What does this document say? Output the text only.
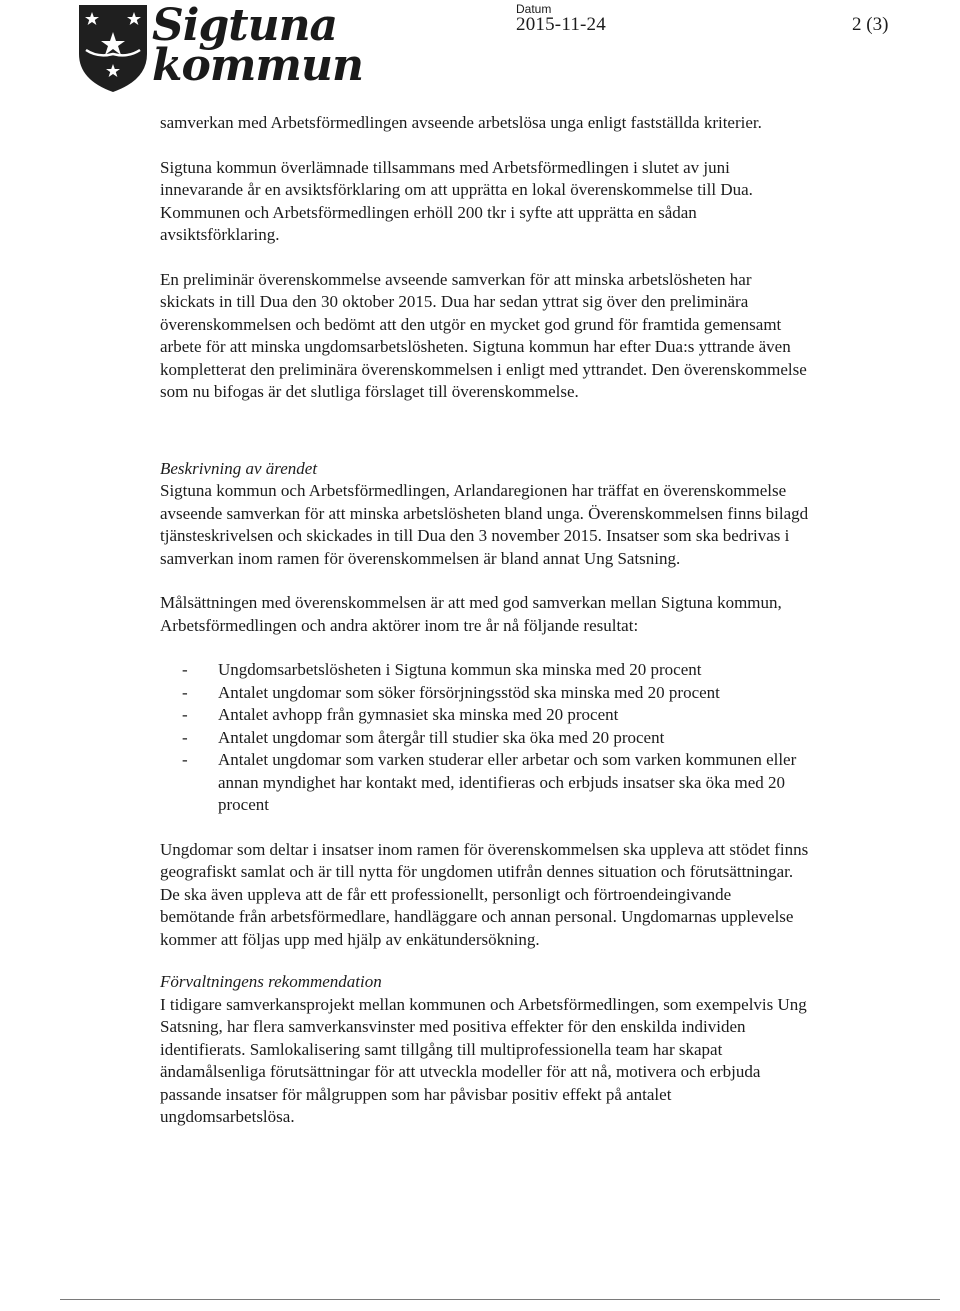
Sigtuna
kommun
Datum
2015-11-24	2 (3)

samverkan med Arbetsförmedlingen avseende arbetslösa unga enligt fastställda kriterier.

Sigtuna kommun överlämnade tillsammans med Arbetsförmedlingen i slutet av juni innevarande år en avsiktsförklaring om att upprätta en lokal överenskommelse till Dua. Kommunen och Arbetsförmedlingen erhöll 200 tkr i syfte att upprätta en sådan avsiktsförklaring.

En preliminär överenskommelse avseende samverkan för att minska arbetslösheten har skickats in till Dua den 30 oktober 2015. Dua har sedan yttrat sig över den preliminära överenskommelsen och bedömt att den utgör en mycket god grund för framtida gemensamt arbete för att minska ungdomsarbetslösheten. Sigtuna kommun har efter Dua:s yttrande även kompletterat den preliminära överenskommelsen i enligt med yttrandet. Den överenskommelse som nu bifogas är det slutliga förslaget till överenskommelse.

Beskrivning av ärendet

Sigtuna kommun och Arbetsförmedlingen, Arlandaregionen har träffat en överenskommelse avseende samverkan för att minska arbetslösheten bland unga. Överenskommelsen finns bilagd tjänsteskrivelsen och skickades in till Dua den 3 november 2015. Insatser som ska bedrivas i samverkan inom ramen för överenskommelsen är bland annat Ung Satsning.

Målsättningen med överenskommelsen är att med god samverkan mellan Sigtuna kommun, Arbetsförmedlingen och andra aktörer inom tre år nå följande resultat:

- Ungdomsarbetslösheten i Sigtuna kommun ska minska med 20 procent
- Antalet ungdomar som söker försörjningsstöd ska minska med 20 procent
- Antalet avhopp från gymnasiet ska minska med 20 procent
- Antalet ungdomar som återgår till studier ska öka med 20 procent
- Antalet ungdomar som varken studerar eller arbetar och som varken kommunen eller annan myndighet har kontakt med, identifieras och erbjuds insatser ska öka med 20 procent

Ungdomar som deltar i insatser inom ramen för överenskommelsen ska uppleva att stödet finns geografiskt samlat och är till nytta för ungdomen utifrån dennes situation och förutsättningar. De ska även uppleva att de får ett professionellt, personligt och förtroendeingivande bemötande från arbetsförmedlare, handläggare och annan personal. Ungdomarnas upplevelse kommer att följas upp med hjälp av enkätundersökning.

Förvaltningens rekommendation

I tidigare samverkansprojekt mellan kommunen och Arbetsförmedlingen, som exempelvis Ung Satsning, har flera samverkansvinster med positiva effekter för den enskilda individen identifierats. Samlokalisering samt tillgång till multiprofessionella team har skapat ändamålsenliga förutsättningar för att utveckla modeller för att nå, motivera och erbjuda passande insatser för målgruppen som har påvisbar positiv effekt på antalet ungdomsarbetslösa.
